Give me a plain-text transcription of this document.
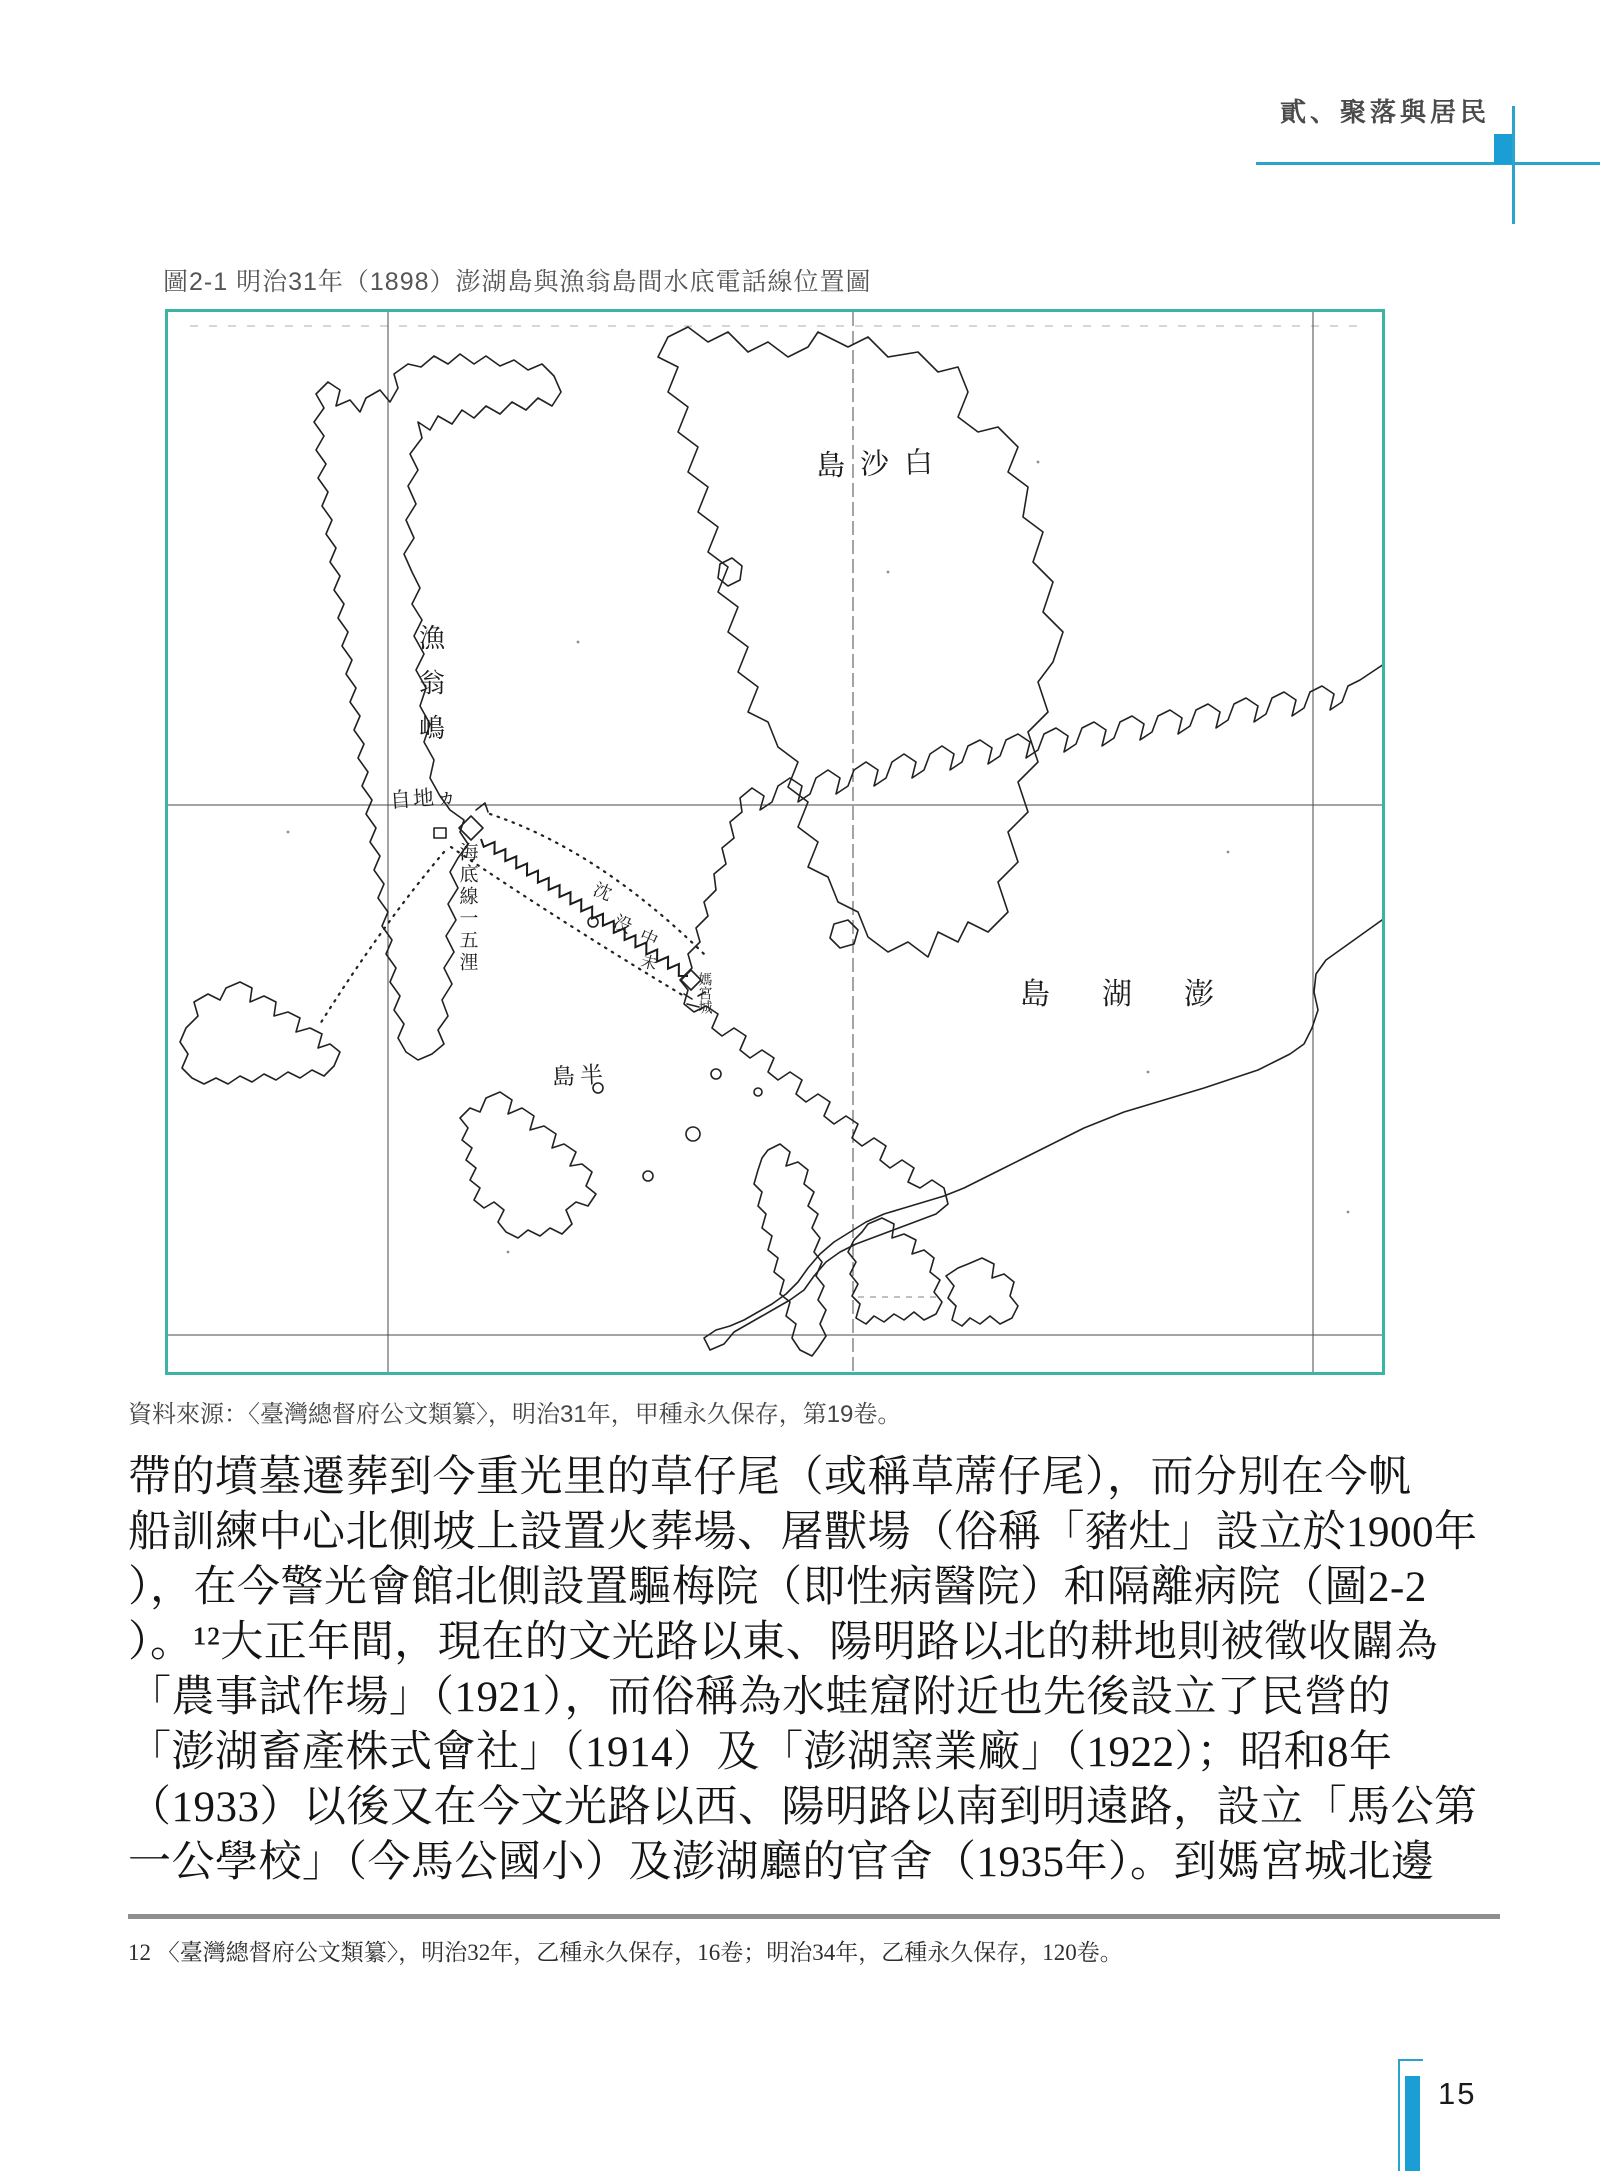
貳、聚落與居民
圖2-1 明治31年（1898）澎湖島與漁翁島間水底電話線位置圖
島沙白
漁翁嶋
自地ヵ
海底線一五浬	沈
没
中
未
媽宮城
島半
島湖澎
資料來源：〈臺灣總督府公文類纂〉，明治31年，甲種永久保存，第19卷。
帶的墳墓遷葬到今重光里的草仔尾（或稱草蓆仔尾），而分別在今帆
船訓練中心北側坡上設置火葬場、屠獸場（俗稱「豬灶」設立於1900年
），在今警光會館北側設置驅梅院（即性病醫院）和隔離病院（圖2-2
）。¹²大正年間，現在的文光路以東、陽明路以北的耕地則被徵收闢為
「農事試作場」（1921），而俗稱為水蛙窟附近也先後設立了民營的
「澎湖畜產株式會社」（1914）及「澎湖窯業廠」（1922）；昭和8年
（1933）以後又在今文光路以西、陽明路以南到明遠路，設立「馬公第
一公學校」（今馬公國小）及澎湖廳的官舍（1935年）。到媽宮城北邊
12 〈臺灣總督府公文類纂〉，明治32年，乙種永久保存，16卷；明治34年，乙種永久保存，120卷。
15
